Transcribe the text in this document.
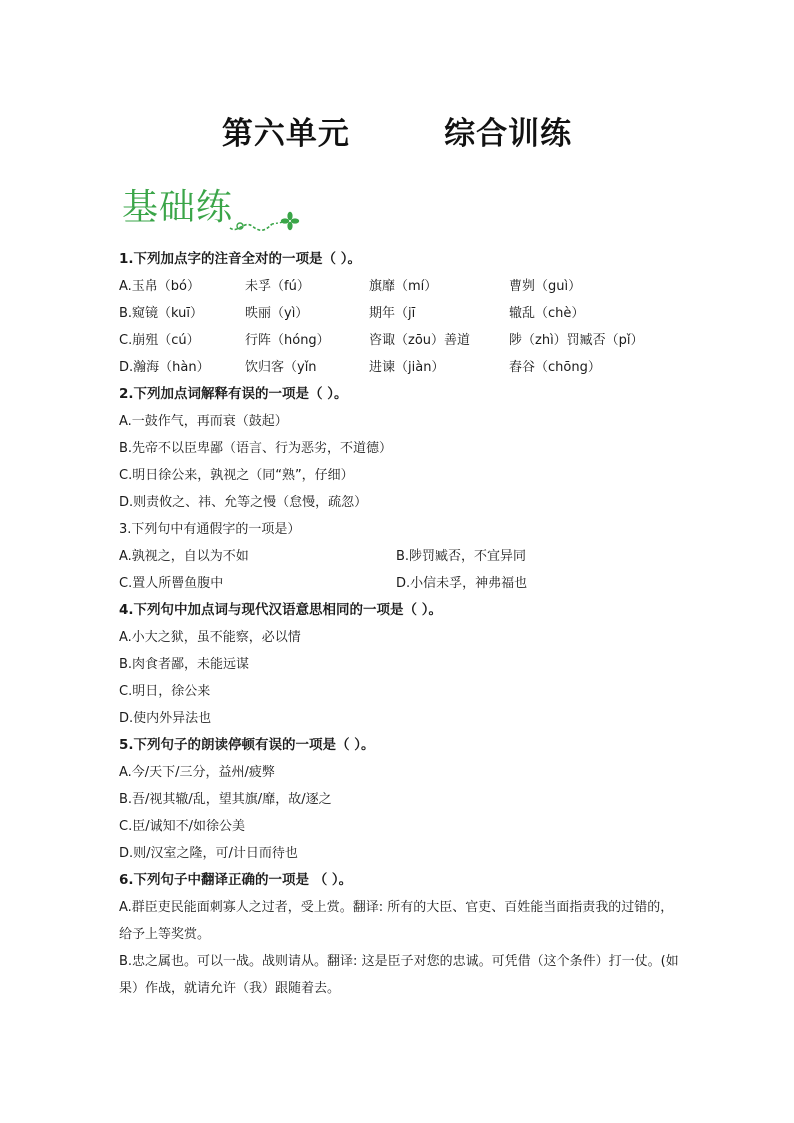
第六单元        综合训练
基础练
1.下列加点字的注音全对的一项是（ ）。
A.玉帛（bó）	未孚（fú）	旗靡（mí）	曹刿（guì）
B.窥镜（kuī）	昳丽（yì）	期年（jī	辙乱（chè）
C.崩殂（cú）	行阵（hóng）	咨诹（zōu）善道	陟（zhì）罚臧否（pǐ）
D.瀚海（hàn）	饮归客（yǐn	进谏（jiàn）	舂谷（chōng）
2.下列加点词解释有误的一项是（ ）。
A.一鼓作气，再而衰（鼓起）
B.先帝不以臣卑鄙（语言、行为恶劣，不道德）
C.明日徐公来，孰视之（同“熟”，仔细）
D.则责攸之、祎、允等之慢（怠慢，疏忽）
3.下列句中有通假字的一项是）
A.孰视之，自以为不如	B.陟罚臧否，不宜异同
C.置人所罾鱼腹中	D.小信未孚，神弗福也
4.下列句中加点词与现代汉语意思相同的一项是（ ）。
A.小大之狱，虽不能察，必以情
B.肉食者鄙，未能远谋
C.明日，徐公来
D.使内外异法也
5.下列句子的朗读停顿有误的一项是（ ）。
A.今/天下/三分，益州/疲弊
B.吾/视其辙/乱，望其旗/靡，故/逐之
C.臣/诚知不/如徐公美
D.则/汉室之隆，可/计日而待也
6.下列句子中翻译正确的一项是 （ ）。
A.群臣吏民能面刺寡人之过者，受上赏。翻译: 所有的大臣、官吏、百姓能当面指责我的过错的，给予上等奖赏。
B.忠之属也。可以一战。战则请从。翻译: 这是臣子对您的忠诚。可凭借（这个条件）打一仗。(如果）作战，就请允许（我）跟随着去。
